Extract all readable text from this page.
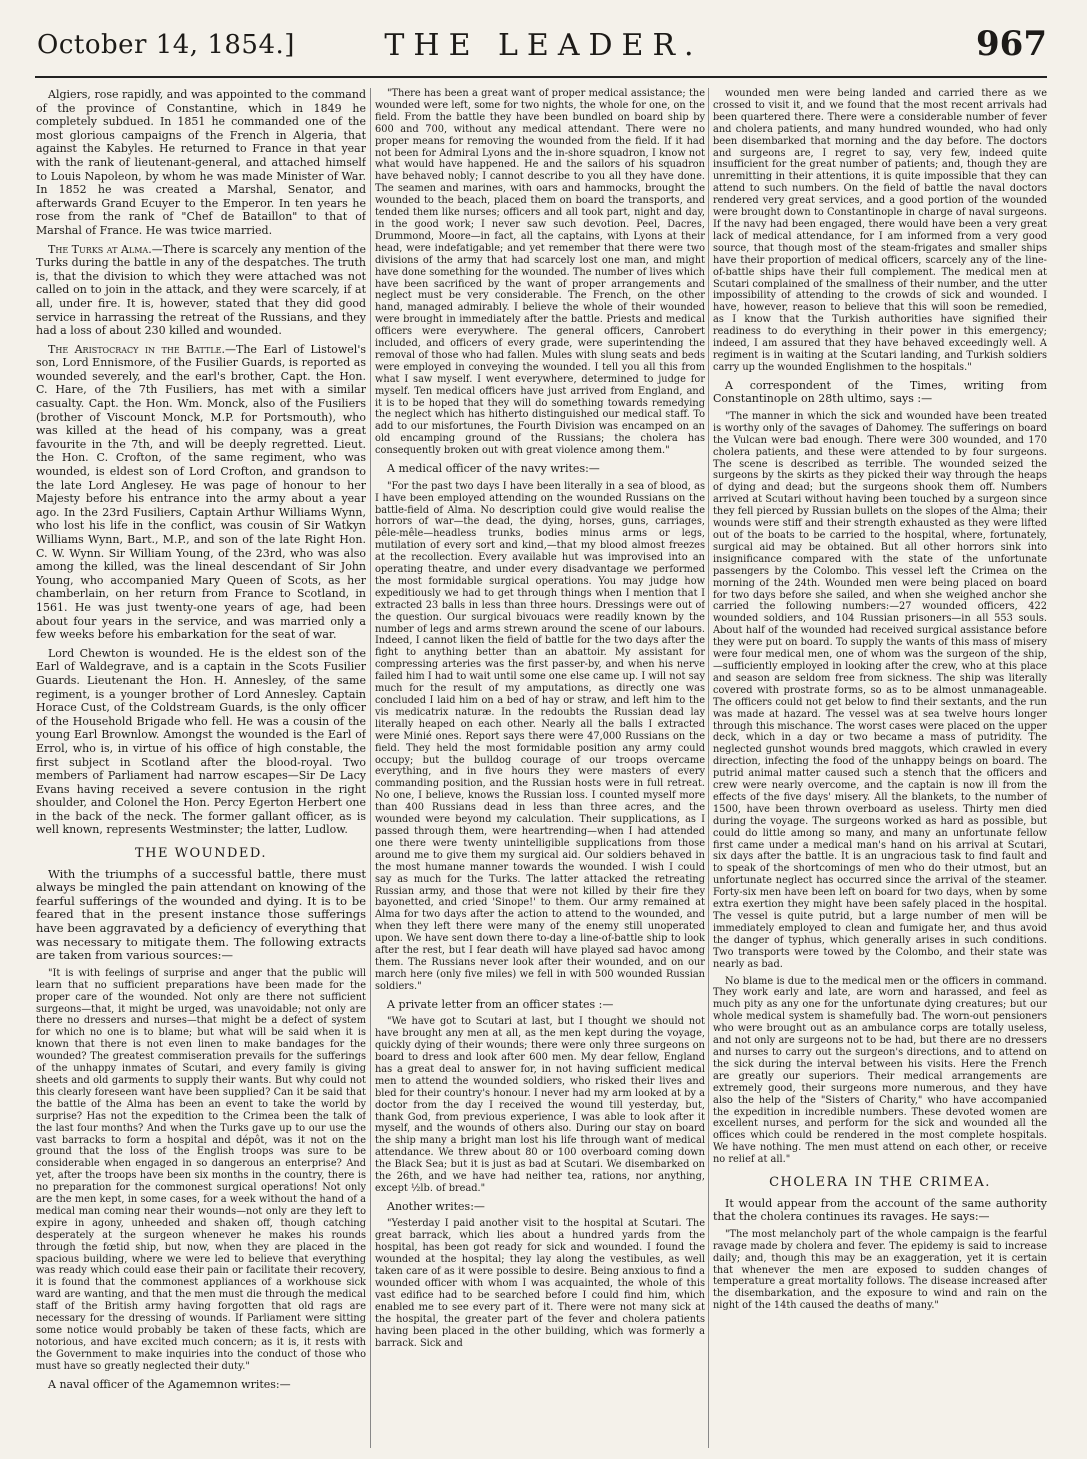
October 14, 1854.]	THE LEADER.	967

Algiers, rose rapidly, and was appointed to the command of the province of Constantine, which in 1849 he completely subdued. In 1851 he commanded one of the most glorious campaigns of the French in Algeria, that against the Kabyles. He returned to France in that year with the rank of lieutenant-general, and attached himself to Louis Napoleon, by whom he was made Minister of War. In 1852 he was created a Marshal, Senator, and afterwards Grand Ecuyer to the Emperor. In ten years he rose from the rank of "Chef de Bataillon" to that of Marshal of France. He was twice married.

The Turks at Alma.—There is scarcely any mention of the Turks during the battle in any of the despatches. The truth is, that the division to which they were attached was not called on to join in the attack, and they were scarcely, if at all, under fire. It is, however, stated that they did good service in harrassing the retreat of the Russians, and they had a loss of about 230 killed and wounded.

The Aristocracy in the Battle.—The Earl of Listowel's son, Lord Ennismore, of the Fusilier Guards, is reported as wounded severely, and the earl's brother, Capt. the Hon. C. Hare, of the 7th Fusiliers, has met with a similar casualty. Capt. the Hon. Wm. Monck, also of the Fusiliers (brother of Viscount Monck, M.P. for Portsmouth), who was killed at the head of his company, was a great favourite in the 7th, and will be deeply regretted. Lieut. the Hon. C. Crofton, of the same regiment, who was wounded, is eldest son of Lord Crofton, and grandson to the late Lord Anglesey. He was page of honour to her Majesty before his entrance into the army about a year ago. In the 23rd Fusiliers, Captain Arthur Williams Wynn, who lost his life in the conflict, was cousin of Sir Watkyn Williams Wynn, Bart., M.P., and son of the late Right Hon. C. W. Wynn. Sir William Young, of the 23rd, who was also among the killed, was the lineal descendant of Sir John Young, who accompanied Mary Queen of Scots, as her chamberlain, on her return from France to Scotland, in 1561. He was just twenty-one years of age, had been about four years in the service, and was married only a few weeks before his embarkation for the seat of war.

Lord Chewton is wounded. He is the eldest son of the Earl of Waldegrave, and is a captain in the Scots Fusilier Guards. Lieutenant the Hon. H. Annesley, of the same regiment, is a younger brother of Lord Annesley. Captain Horace Cust, of the Coldstream Guards, is the only officer of the Household Brigade who fell. He was a cousin of the young Earl Brownlow. Amongst the wounded is the Earl of Errol, who is, in virtue of his office of high constable, the first subject in Scotland after the blood-royal. Two members of Parliament had narrow escapes—Sir De Lacy Evans having received a severe contusion in the right shoulder, and Colonel the Hon. Percy Egerton Herbert one in the back of the neck. The former gallant officer, as is well known, represents Westminster; the latter, Ludlow.

THE WOUNDED.

With the triumphs of a successful battle, there must always be mingled the pain attendant on knowing of the fearful sufferings of the wounded and dying. It is to be feared that in the present instance those sufferings have been aggravated by a deficiency of everything that was necessary to mitigate them. The following extracts are taken from various sources:—

"It is with feelings of surprise and anger that the public will learn that no sufficient preparations have been made for the proper care of the wounded. Not only are there not sufficient surgeons—that, it might be urged, was unavoidable; not only are there no dressers and nurses—that might be a defect of system for which no one is to blame; but what will be said when it is known that there is not even linen to make bandages for the wounded? The greatest commiseration prevails for the sufferings of the unhappy inmates of Scutari, and every family is giving sheets and old garments to supply their wants. But why could not this clearly foreseen want have been supplied? Can it be said that the battle of the Alma has been an event to take the world by surprise? Has not the expedition to the Crimea been the talk of the last four months? And when the Turks gave up to our use the vast barracks to form a hospital and dépôt, was it not on the ground that the loss of the English troops was sure to be considerable when engaged in so dangerous an enterprise? And yet, after the troops have been six months in the country, there is no preparation for the commonest surgical operations! Not only are the men kept, in some cases, for a week without the hand of a medical man coming near their wounds—not only are they left to expire in agony, unheeded and shaken off, though catching desperately at the surgeon whenever he makes his rounds through the fœtid ship, but now, when they are placed in the spacious building, where we were led to believe that everything was ready which could ease their pain or facilitate their recovery, it is found that the commonest appliances of a workhouse sick ward are wanting, and that the men must die through the medical staff of the British army having forgotten that old rags are necessary for the dressing of wounds. If Parliament were sitting some notice would probably be taken of these facts, which are notorious, and have excited much concern; as it is, it rests with the Government to make inquiries into the conduct of those who must have so greatly neglected their duty."

A naval officer of the Agamemnon writes:—

"There has been a great want of proper medical assistance; the wounded were left, some for two nights, the whole for one, on the field. From the battle they have been bundled on board ship by 600 and 700, without any medical attendant. There were no proper means for removing the wounded from the field. If it had not been for Admiral Lyons and the in-shore squadron, I know not what would have happened. He and the sailors of his squadron have behaved nobly; I cannot describe to you all they have done. The seamen and marines, with oars and hammocks, brought the wounded to the beach, placed them on board the transports, and tended them like nurses; officers and all took part, night and day, in the good work; I never saw such devotion. Peel, Dacres, Drummond, Moore—in fact, all the captains, with Lyons at their head, were indefatigable; and yet remember that there were two divisions of the army that had scarcely lost one man, and might have done something for the wounded. The number of lives which have been sacrificed by the want of proper arrangements and neglect must be very considerable. The French, on the other hand, managed admirably. I believe the whole of their wounded were brought in immediately after the battle. Priests and medical officers were everywhere. The general officers, Canrobert included, and officers of every grade, were superintending the removal of those who had fallen. Mules with slung seats and beds were employed in conveying the wounded. I tell you all this from what I saw myself. I went everywhere, determined to judge for myself. Ten medical officers have just arrived from England, and it is to be hoped that they will do something towards remedying the neglect which has hitherto distinguished our medical staff. To add to our misfortunes, the Fourth Division was encamped on an old encamping ground of the Russians; the cholera has consequently broken out with great violence among them."

A medical officer of the navy writes:—

"For the past two days I have been literally in a sea of blood, as I have been employed attending on the wounded Russians on the battle-field of Alma. No description could give would realise the horrors of war—the dead, the dying, horses, guns, carriages, pêle-mêle—headless trunks, bodies minus arms or legs, mutilation of every sort and kind,—that my blood almost freezes at the recollection. Every available hut was improvised into an operating theatre, and under every disadvantage we performed the most formidable surgical operations. You may judge how expeditiously we had to get through things when I mention that I extracted 23 balls in less than three hours. Dressings were out of the question. Our surgical bivouacs were readily known by the number of legs and arms strewn around the scene of our labours. Indeed, I cannot liken the field of battle for the two days after the fight to anything better than an abattoir. My assistant for compressing arteries was the first passer-by, and when his nerve failed him I had to wait until some one else came up. I will not say much for the result of my amputations, as directly one was concluded I laid him on a bed of hay or straw, and left him to the vis medicatrix naturæ. In the redoubts the Russian dead lay literally heaped on each other. Nearly all the balls I extracted were Minié ones. Report says there were 47,000 Russians on the field. They held the most formidable position any army could occupy; but the bulldog courage of our troops overcame everything, and in five hours they were masters of every commanding position, and the Russian hosts were in full retreat. No one, I believe, knows the Russian loss. I counted myself more than 400 Russians dead in less than three acres, and the wounded were beyond my calculation. Their supplications, as I passed through them, were heartrending—when I had attended one there were twenty unintelligible supplications from those around me to give them my surgical aid. Our soldiers behaved in the most humane manner towards the wounded. I wish I could say as much for the Turks. The latter attacked the retreating Russian army, and those that were not killed by their fire they bayonetted, and cried 'Sinope!' to them. Our army remained at Alma for two days after the action to attend to the wounded, and when they left there were many of the enemy still unoperated upon. We have sent down there to-day a line-of-battle ship to look after the rest, but I fear death will have played sad havoc among them. The Russians never look after their wounded, and on our march here (only five miles) we fell in with 500 wounded Russian soldiers."

A private letter from an officer states :—

"We have got to Scutari at last, but I thought we should not have brought any men at all, as the men kept during the voyage, quickly dying of their wounds; there were only three surgeons on board to dress and look after 600 men. My dear fellow, England has a great deal to answer for, in not having sufficient medical men to attend the wounded soldiers, who risked their lives and bled for their country's honour. I never had my arm looked at by a doctor from the day I received the wound till yesterday, but, thank God, from previous experience, I was able to look after it myself, and the wounds of others also. During our stay on board the ship many a bright man lost his life through want of medical attendance. We threw about 80 or 100 overboard coming down the Black Sea; but it is just as bad at Scutari. We disembarked on the 26th, and we have had neither tea, rations, nor anything, except ½lb. of bread."

Another writes:—

"Yesterday I paid another visit to the hospital at Scutari. The great barrack, which lies about a hundred yards from the hospital, has been got ready for sick and wounded. I found the wounded at the hospital; they lay along the vestibules, as well taken care of as it were possible to desire. Being anxious to find a wounded officer with whom I was acquainted, the whole of this vast edifice had to be searched before I could find him, which enabled me to see every part of it. There were not many sick at the hospital, the greater part of the fever and cholera patients having been placed in the other building, which was formerly a barrack. Sick and

wounded men were being landed and carried there as we crossed to visit it, and we found that the most recent arrivals had been quartered there. There were a considerable number of fever and cholera patients, and many hundred wounded, who had only been disembarked that morning and the day before. The doctors and surgeons are, I regret to say, very few, indeed quite insufficient for the great number of patients; and, though they are unremitting in their attentions, it is quite impossible that they can attend to such numbers. On the field of battle the naval doctors rendered very great services, and a good portion of the wounded were brought down to Constantinople in charge of naval surgeons. If the navy had been engaged, there would have been a very great lack of medical attendance, for I am informed from a very good source, that though most of the steam-frigates and smaller ships have their proportion of medical officers, scarcely any of the line-of-battle ships have their full complement. The medical men at Scutari complained of the smallness of their number, and the utter impossibility of attending to the crowds of sick and wounded. I have, however, reason to believe that this will soon be remedied, as I know that the Turkish authorities have signified their readiness to do everything in their power in this emergency; indeed, I am assured that they have behaved exceedingly well. A regiment is in waiting at the Scutari landing, and Turkish soldiers carry up the wounded Englishmen to the hospitals."

A correspondent of the Times, writing from Constantinople on 28th ultimo, says :—

"The manner in which the sick and wounded have been treated is worthy only of the savages of Dahomey. The sufferings on board the Vulcan were bad enough. There were 300 wounded, and 170 cholera patients, and these were attended to by four surgeons. The scene is described as terrible. The wounded seized the surgeons by the skirts as they picked their way through the heaps of dying and dead; but the surgeons shook them off. Numbers arrived at Scutari without having been touched by a surgeon since they fell pierced by Russian bullets on the slopes of the Alma; their wounds were stiff and their strength exhausted as they were lifted out of the boats to be carried to the hospital, where, fortunately, surgical aid may be obtained. But all other horrors sink into insignificance compared with the state of the unfortunate passengers by the Colombo. This vessel left the Crimea on the morning of the 24th. Wounded men were being placed on board for two days before she sailed, and when she weighed anchor she carried the following numbers:—27 wounded officers, 422 wounded soldiers, and 104 Russian prisoners—in all 553 souls. About half of the wounded had received surgical assistance before they were put on board. To supply the wants of this mass of misery were four medical men, one of whom was the surgeon of the ship,—sufficiently employed in looking after the crew, who at this place and season are seldom free from sickness. The ship was literally covered with prostrate forms, so as to be almost unmanageable. The officers could not get below to find their sextants, and the run was made at hazard. The vessel was at sea twelve hours longer through this mischance. The worst cases were placed on the upper deck, which in a day or two became a mass of putridity. The neglected gunshot wounds bred maggots, which crawled in every direction, infecting the food of the unhappy beings on board. The putrid animal matter caused such a stench that the officers and crew were nearly overcome, and the captain is now ill from the effects of the five days' misery. All the blankets, to the number of 1500, have been thrown overboard as useless. Thirty men died during the voyage. The surgeons worked as hard as possible, but could do little among so many, and many an unfortunate fellow first came under a medical man's hand on his arrival at Scutari, six days after the battle. It is an ungracious task to find fault and to speak of the shortcomings of men who do their utmost, but an unfortunate neglect has occurred since the arrival of the steamer. Forty-six men have been left on board for two days, when by some extra exertion they might have been safely placed in the hospital. The vessel is quite putrid, but a large number of men will be immediately employed to clean and fumigate her, and thus avoid the danger of typhus, which generally arises in such conditions. Two transports were towed by the Colombo, and their state was nearly as bad.

No blame is due to the medical men or the officers in command. They work early and late, are worn and harassed, and feel as much pity as any one for the unfortunate dying creatures; but our whole medical system is shamefully bad. The worn-out pensioners who were brought out as an ambulance corps are totally useless, and not only are surgeons not to be had, but there are no dressers and nurses to carry out the surgeon's directions, and to attend on the sick during the interval between his visits. Here the French are greatly our superiors. Their medical arrangements are extremely good, their surgeons more numerous, and they have also the help of the "Sisters of Charity," who have accompanied the expedition in incredible numbers. These devoted women are excellent nurses, and perform for the sick and wounded all the offices which could be rendered in the most complete hospitals. We have nothing. The men must attend on each other, or receive no relief at all."

CHOLERA IN THE CRIMEA.

It would appear from the account of the same authority that the cholera continues its ravages. He says:—

"The most melancholy part of the whole campaign is the fearful ravage made by cholera and fever. The epidemy is said to increase daily; and, though this may be an exaggeration, yet it is certain that whenever the men are exposed to sudden changes of temperature a great mortality follows. The disease increased after the disembarkation, and the exposure to wind and rain on the night of the 14th caused the deaths of many."
